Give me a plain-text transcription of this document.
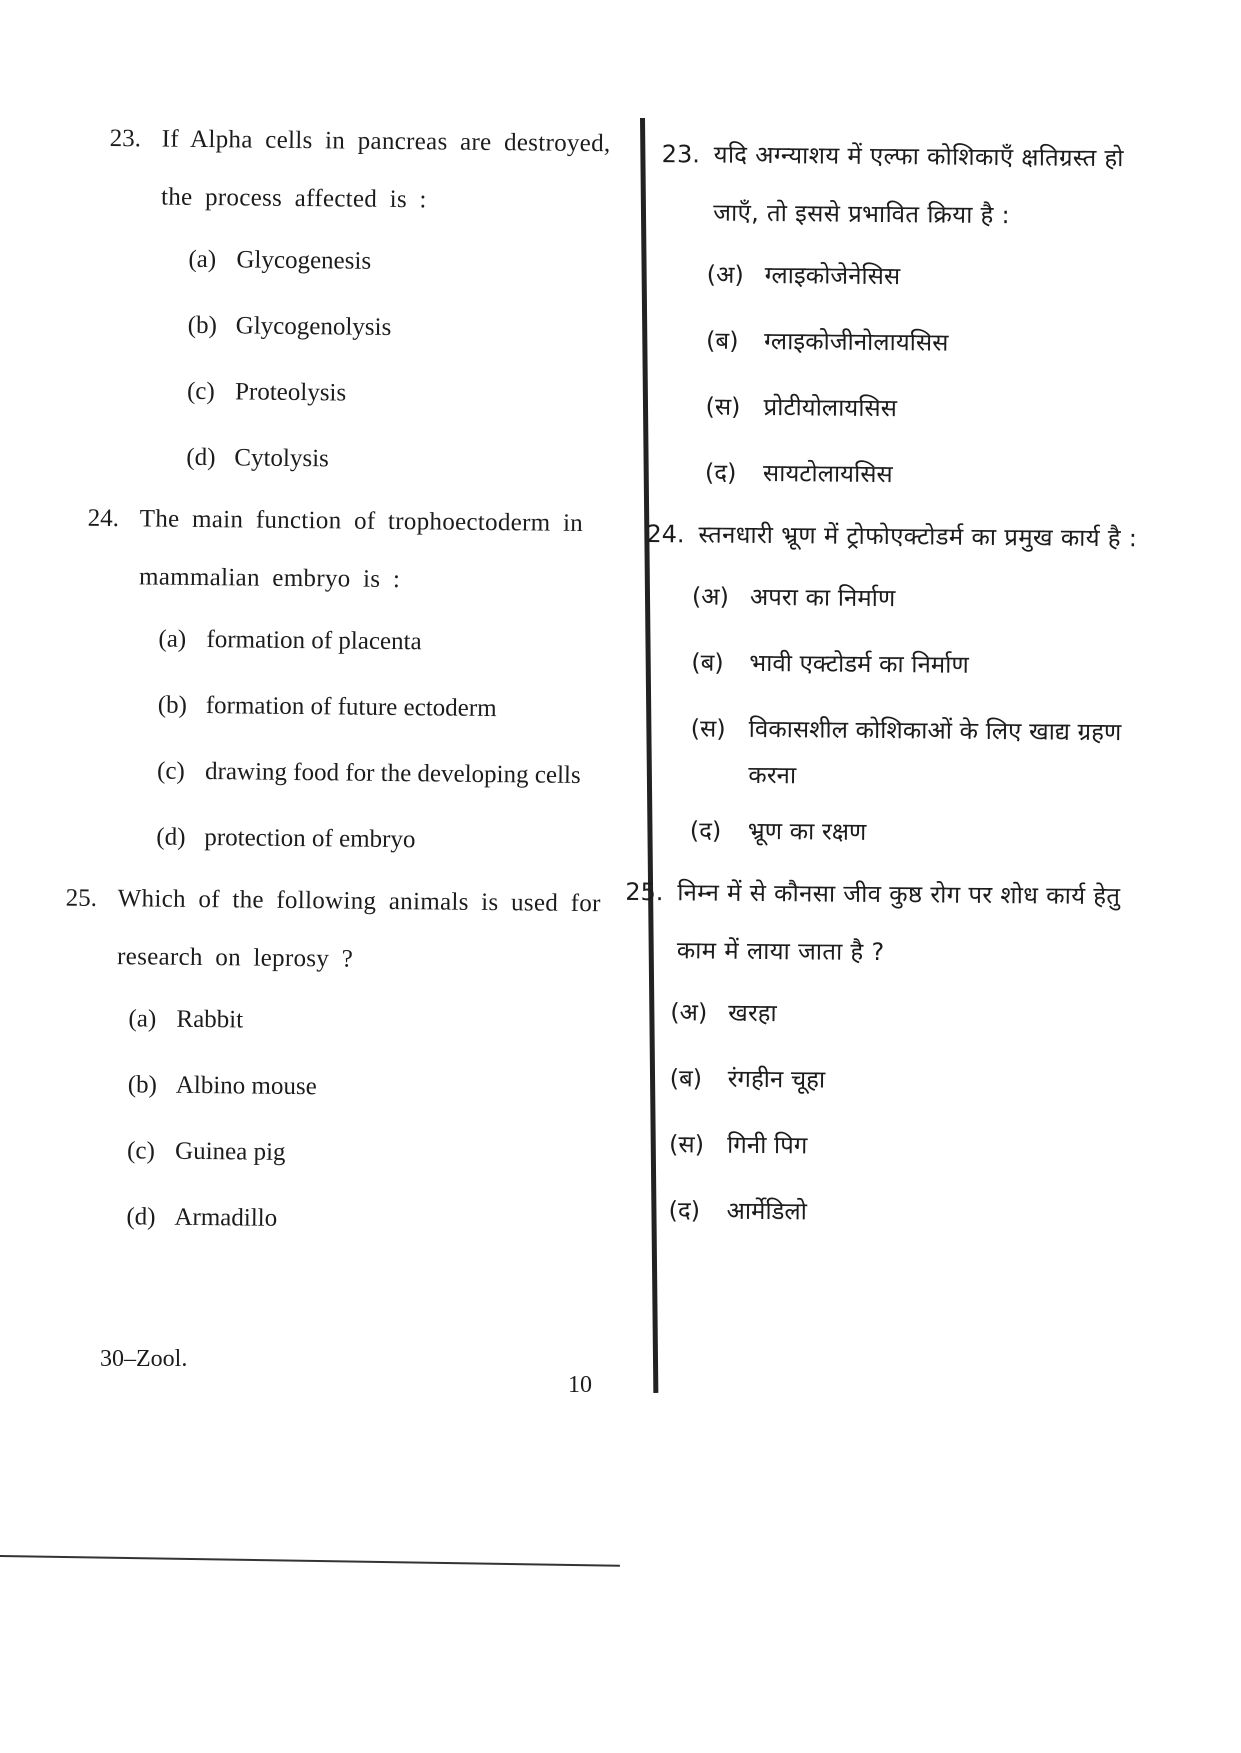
23. If Alpha cells in pancreas are destroyed, the process affected is :
(a) Glycogenesis
(b) Glycogenolysis
(c) Proteolysis
(d) Cytolysis
24. The main function of trophoectoderm in mammalian embryo is :
(a) formation of placenta
(b) formation of future ectoderm
(c) drawing food for the developing cells
(d) protection of embryo
25. Which of the following animals is used for research on leprosy ?
(a) Rabbit
(b) Albino mouse
(c) Guinea pig
(d) Armadillo
23. यदि अग्न्याशय में एल्फा कोशिकाएँ क्षतिग्रस्त हो जाएँ, तो इससे प्रभावित क्रिया है :
(अ) ग्लाइकोजेनेसिस
(ब)	ग्लाइकोजीनोलायसिस
(स) प्रोटीयोलायसिस
(द)	सायटोलायसिस
24. स्तनधारी भ्रूण में ट्रोफोएक्टोडर्म का प्रमुख कार्य है :
(अ) अपरा का निर्माण
(ब)	भावी एक्टोडर्म का निर्माण
(स) विकासशील कोशिकाओं के लिए खाद्य ग्रहण करना
(द)	भ्रूण का रक्षण
25. निम्न में से कौनसा जीव कुष्ठ रोग पर शोध कार्य हेतु काम में लाया जाता है ?
(अ) खरहा
(ब)	रंगहीन चूहा
(स) गिनी पिग
(द)	आर्मेडिलो
30–Zool.
10
